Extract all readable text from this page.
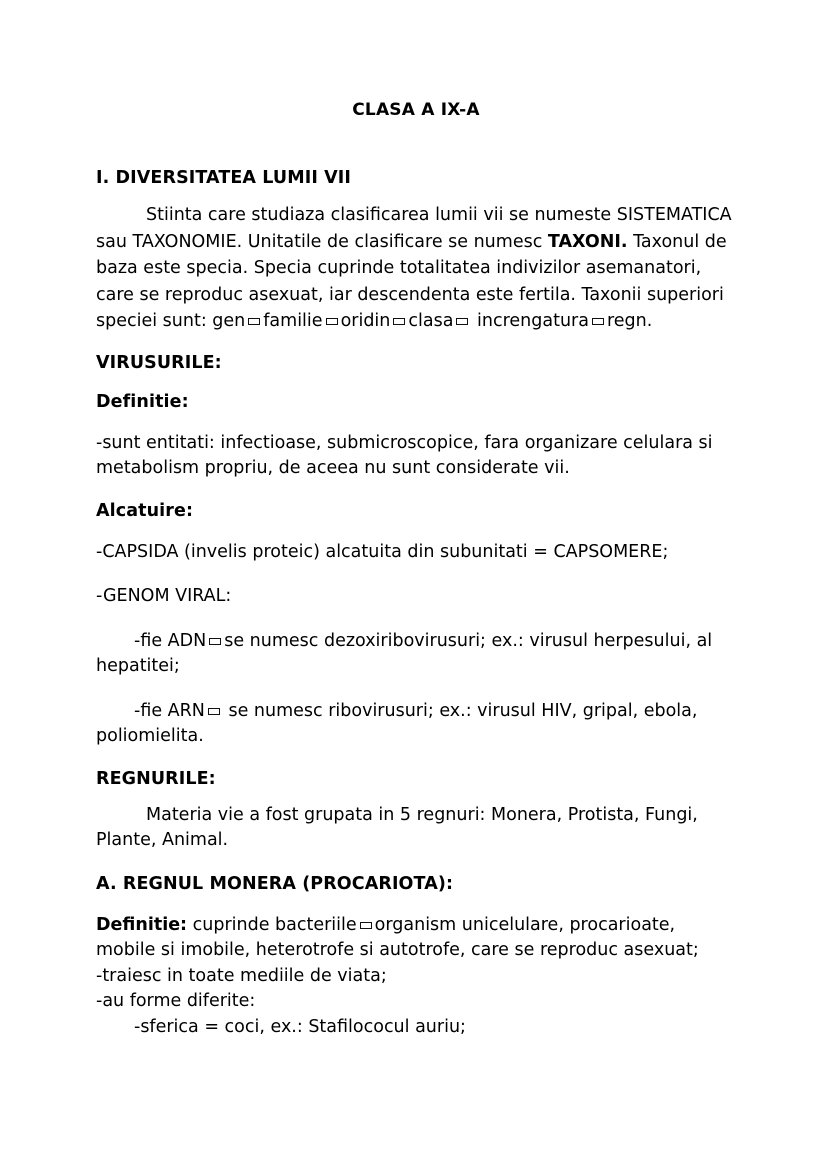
CLASA A IX-A
I. DIVERSITATEA LUMII VII

Stiinta care studiaza clasificarea lumii vii se numeste SISTEMATICA sau TAXONOMIE. Unitatile de clasificare se numesc TAXONI. Taxonul de baza este specia. Specia cuprinde totalitatea indivizilor asemanatori, care se reproduc asexuat, iar descendenta este fertila. Taxonii superiori speciei sunt: gen familie oridin clasa increngatura regn.

VIRUSURILE:
Definitie:

-sunt entitati: infectioase, submicroscopice, fara organizare celulara si metabolism propriu, de aceea nu sunt considerate vii.

Alcatuire:

-CAPSIDA (invelis proteic) alcatuita din subunitati = CAPSOMERE;

-GENOM VIRAL:

-fie ADN se numesc dezoxiribovirusuri; ex.: virusul herpesului, al hepatitei;

-fie ARN se numesc ribovirusuri; ex.: virusul HIV, gripal, ebola, poliomielita.

REGNURILE:

Materia vie a fost grupata in 5 regnuri: Monera, Protista, Fungi, Plante, Animal.

A. REGNUL MONERA (PROCARIOTA):

Definitie: cuprinde bacteriile organism unicelulare, procarioate, mobile si imobile, heterotrofe si autotrofe, care se reproduc asexuat;

-traiesc in toate mediile de viata;

-au forme diferite:

-sferica = coci, ex.: Stafilococul auriu;
